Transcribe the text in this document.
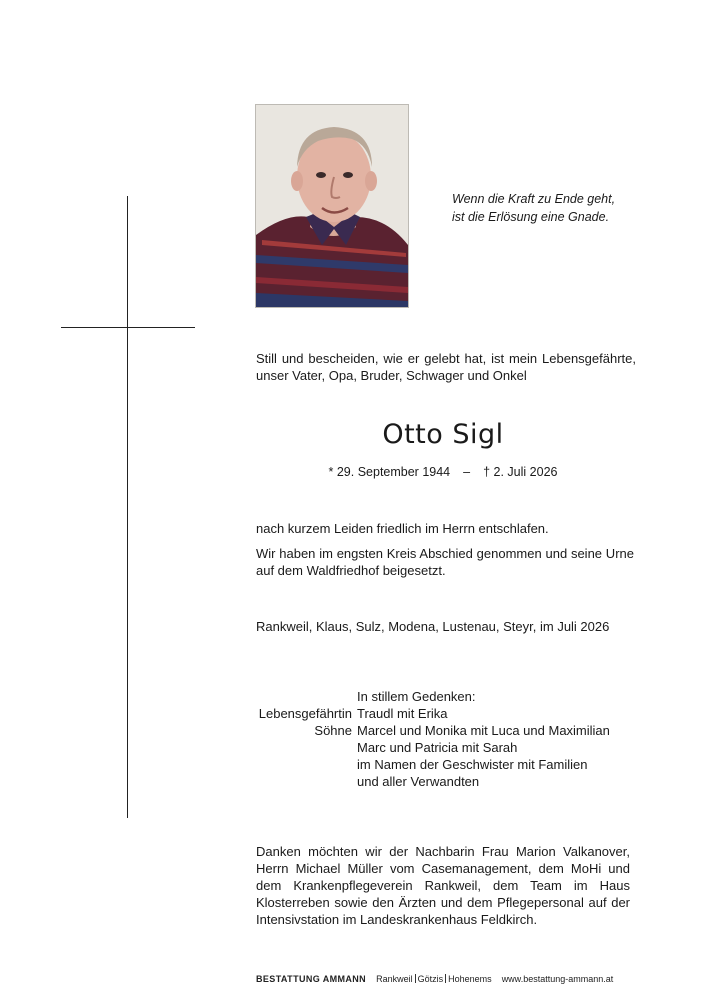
Wenn die Kraft zu Ende geht,
ist die Erlösung eine Gnade.
Still und bescheiden, wie er gelebt hat, ist mein Lebensgefährte, unser Vater, Opa, Bruder, Schwager und Onkel
Otto Sigl
* 29. September 1944 – † 2. Juli 2026
nach kurzem Leiden friedlich im Herrn entschlafen.
Wir haben im engsten Kreis Abschied genommen und seine Urne auf dem Waldfriedhof beigesetzt.
Rankweil, Klaus, Sulz, Modena, Lustenau, Steyr, im Juli 2026
In stillem Gedenken:
Lebensgefährtin Traudl mit Erika
Söhne Marcel und Monika mit Luca und Maximilian
Marc und Patricia mit Sarah
im Namen der Geschwister mit Familien
und aller Verwandten
Danken möchten wir der Nachbarin Frau Marion Valkanover, Herrn Michael Müller vom Casemanagement, dem MoHi und dem Krankenpflegeverein Rankweil, dem Team im Haus Klosterreben sowie den Ärzten und dem Pflegepersonal auf der Intensivstation im Landeskrankenhaus Feldkirch.
BESTATTUNG AMMANN Rankweil Götzis Hohenems www.bestattung-ammann.at
